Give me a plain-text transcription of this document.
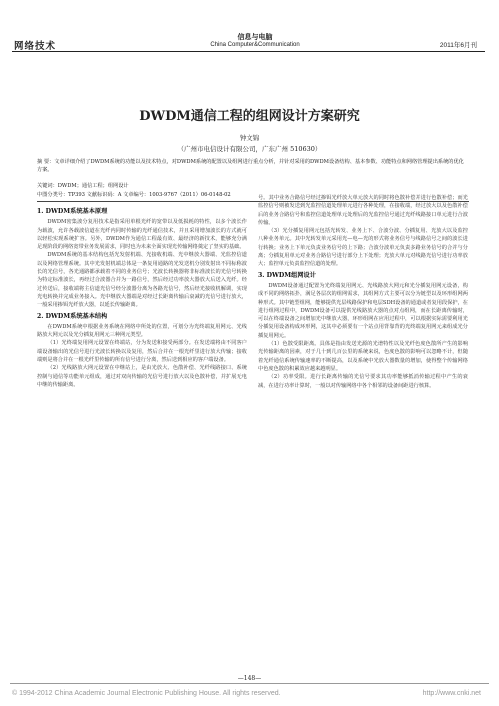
网络技术
信息与电脑
China Computer&Communication	2011年6月刊
DWDM通信工程的组网设计方案研究
钟文锦
（广州市电信设计有限公司，广东广州 510630）
摘 要：文章详细介绍了DWDM系统的功能以及技术特点，对DWDM系统的配置以及组网进行重点分析，并针对采用的DWDM设备结构、基本参数、功能特点和网络管理提出系统的优化方案。
关键词：DWDM；通信工程；组网设计
中图分类号：TP393 文献标识码：A 文章编号：1003-9767（2011）06-0148-02
1. DWDM系统基本原理

DWDM密集波分复用技术是指采用单根光纤的宽带以及低损耗的特性，以多个波长作为载波，允许各载波信道在光纤内同时传输的光纤通信技术，并且采用增加波长的方式就可以轻松实现系统扩容。另外，DWDM作为通信工程最有效、最经济的新技术，能够充分满足现阶段的网络宽带业务发展需求，同时也为未来全面实现光传输网络奠定了坚实的基础。

DWDM系统的基本结构包括光发射机端、光接收机端、光中继放大器端、光监控信道以及网络管理系统。其中光发射机端总体是一条复用通路的光发送机分别发射出不同标称波长的光信号，各光通路都承载着不同的业务信号；光波长转换器将非标准波长的光信号转换为特定标准波长，再经过合波器合并为一路信号，然后经过功率放大器放大后送入光纤。经过传送后，接收端将主信道光信号经分波器分离为各路光信号，然后经光接收机解调，实现光电转换并完成业务接入。光中继放大器端是对经过长距离传输后衰减的光信号进行放大，一般采用掺铒光纤放大器，以延长传输距离。

2. DWDM系统基本结构

在DWDM系统中根据业务系统在网络中所处的位置，可划分为光终端复用网元、光线路放大网元以及光分插复用网元三种网元类型。

（1）光终端复用网元设置在终端站，分为发送和接受两部分。在发送端将由不同客户端设备输出的光信号进行光波长转换以及复用，然后合并在一根光纤里进行放大传输；接收端则是将合并在一根光纤里传输的所有信号进行分离，然后送到相应的客户端设备。

（2）光线路放大网元设置在中继站上，是由光放大、色散补偿、光纤线路接口、系统控制与通信等功能单元组成，通过对双向传输的光信号进行放大以及色散补偿，并扩展无电中继的传输距离。

号。其中业务合路信号经过掺铒光纤放大单元放大的同时将色散补偿并进行色散补偿；而光监控信号则被发送到光监控信道处理单元进行各种处理，在接收端，经过放大以及色散补偿后的业务合路信号和监控信道处理单元处理后的光监控信号通过光纤线路接口单元进行合波传输。

（3）光分插复用网元包括光转发、业务上下、合波分波、分插复用、光放大以及监控八种业务单元。其中光转发单元采用光—电—光的形式将业务信号与线路信号之间的波长进行转换；业务上下单元负责业务信号的上下路；合波分波单元负责多路业务信号的合并与分离；分插复用单元对业务合路信号进行部分上下处理；光放大单元对线路光信号进行功率放大；监控单元负责监控信道的处理。

3. DWDM组网设计

DWDM设备通过配置为光终端复用网元、光线路放大网元和光分插复用网元设备，构成不同的网络拓扑，满足各层次的组网需求，其组网方式主要可以分为链型以及环形组网两种形式。其中链型组网，能够提供光层线路保护和电层SDH设备的通道或者复用段保护，在进行组网过程中，DWDM设备可以提供光线路放大器的点对点组网，而在长距离传输时，可以在终端设备之间增加光中继放大器，环形组网在应用过程中，可以根据实际需要利用光分插复用设备构成环形网，这其中必须要有一个站点用背靠背的光终端复用网元来组成光分插复用网元。

（1）色散受限距离。具体是指由发送光源的光谱特性以及光纤色度色散所产生的影响光传输距离的因素，对于几十到几百公里的系统来说，色度色散的影响可以忽略不计，但随着光纤通信系统传输速率的不断提高，以及系统中光放大器数量的增加，使得整个传输网络中色度色散的积累效应越来越明显。

（2）功率受限。进行长距离传输的光信号要求其功率能够抵消传输过程中产生的衰减，在进行功率计算时，一般以对传输网络中各个相邻的设备间距进行核算。

—148—
© 1994-2012 China Academic Journal Electronic Publishing House. All rights reserved.	http://www.cnki.net
